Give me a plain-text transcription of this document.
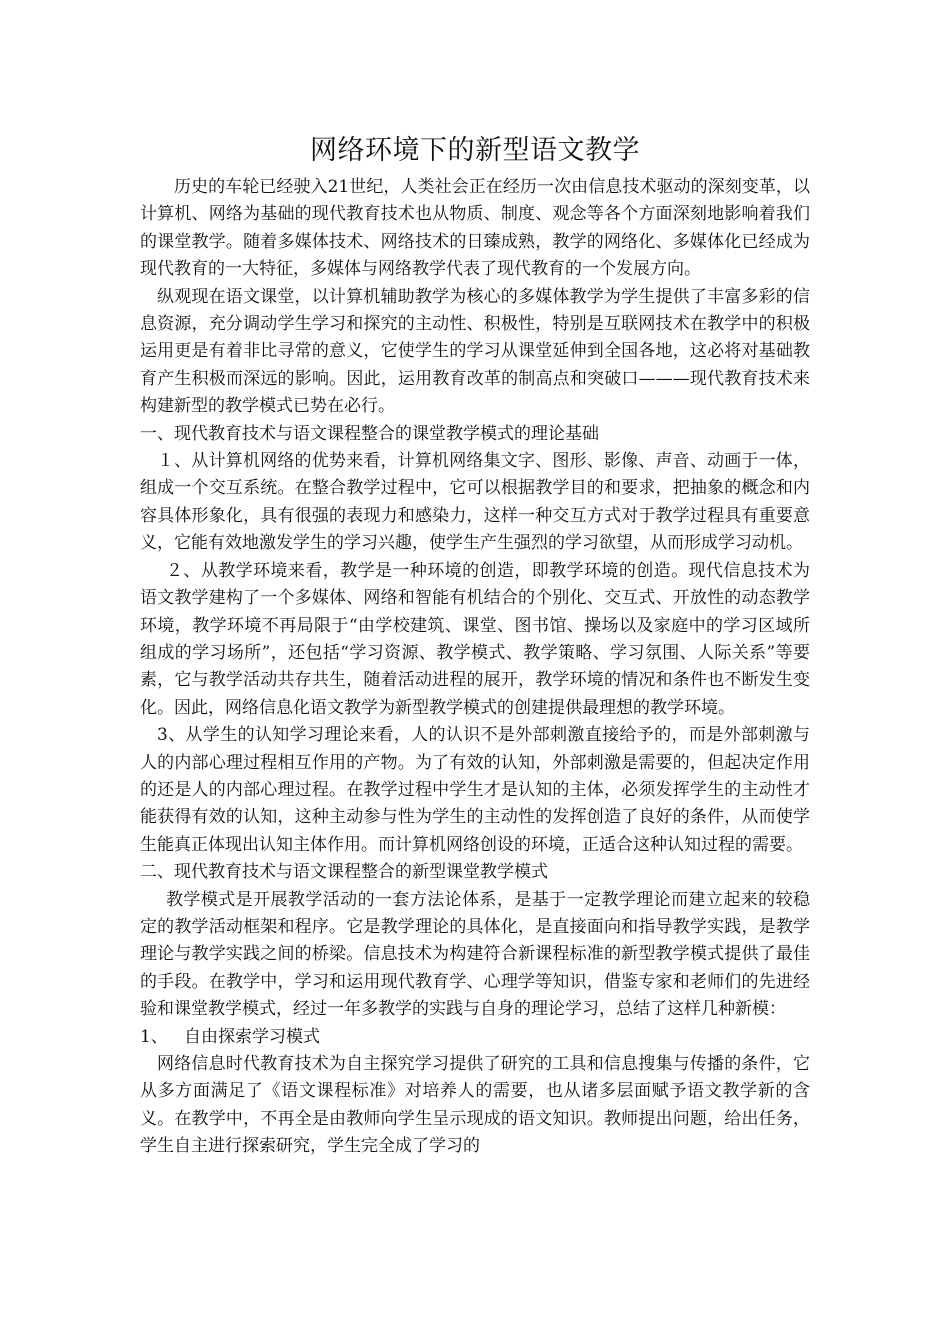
网络环境下的新型语文教学

历史的车轮已经驶入21世纪，人类社会正在经历一次由信息技术驱动的深刻变革，以计算机、网络为基础的现代教育技术也从物质、制度、观念等各个方面深刻地影响着我们的课堂教学。随着多媒体技术、网络技术的日臻成熟，教学的网络化、多媒体化已经成为现代教育的一大特征，多媒体与网络教学代表了现代教育的一个发展方向。

纵观现在语文课堂，以计算机辅助教学为核心的多媒体教学为学生提供了丰富多彩的信息资源，充分调动学生学习和探究的主动性、积极性，特别是互联网技术在教学中的积极运用更是有着非比寻常的意义，它使学生的学习从课堂延伸到全国各地，这必将对基础教育产生积极而深远的影响。因此，运用教育改革的制高点和突破口———现代教育技术来构建新型的教学模式已势在必行。

一、现代教育技术与语文课程整合的课堂教学模式的理论基础

１、从计算机网络的优势来看，计算机网络集文字、图形、影像、声音、动画于一体，组成一个交互系统。在整合教学过程中，它可以根据教学目的和要求，把抽象的概念和内容具体形象化，具有很强的表现力和感染力，这样一种交互方式对于教学过程具有重要意义，它能有效地激发学生的学习兴趣，使学生产生强烈的学习欲望，从而形成学习动机。

２、从教学环境来看，教学是一种环境的创造，即教学环境的创造。现代信息技术为语文教学建构了一个多媒体、网络和智能有机结合的个别化、交互式、开放性的动态教学环境，教学环境不再局限于“由学校建筑、课堂、图书馆、操场以及家庭中的学习区域所组成的学习场所”，还包括“学习资源、教学模式、教学策略、学习氛围、人际关系”等要素，它与教学活动共存共生，随着活动进程的展开，教学环境的情况和条件也不断发生变化。因此，网络信息化语文教学为新型教学模式的创建提供最理想的教学环境。

3、从学生的认知学习理论来看，人的认识不是外部刺激直接给予的，而是外部刺激与人的内部心理过程相互作用的产物。为了有效的认知，外部刺激是需要的，但起决定作用的还是人的内部心理过程。在教学过程中学生才是认知的主体，必须发挥学生的主动性才能获得有效的认知，这种主动参与性为学生的主动性的发挥创造了良好的条件，从而使学生能真正体现出认知主体作用。而计算机网络创设的环境，正适合这种认知过程的需要。

二、现代教育技术与语文课程整合的新型课堂教学模式

教学模式是开展教学活动的一套方法论体系，是基于一定教学理论而建立起来的较稳定的教学活动框架和程序。它是教学理论的具体化，是直接面向和指导教学实践，是教学理论与教学实践之间的桥梁。信息技术为构建符合新课程标准的新型教学模式提供了最佳的手段。在教学中，学习和运用现代教育学、心理学等知识，借鉴专家和老师们的先进经验和课堂教学模式，经过一年多教学的实践与自身的理论学习，总结了这样几种新模：

1、 自由探索学习模式

网络信息时代教育技术为自主探究学习提供了研究的工具和信息搜集与传播的条件，它从多方面满足了《语文课程标准》对培养人的需要，也从诸多层面赋予语文教学新的含义。在教学中，不再全是由教师向学生呈示现成的语文知识。教师提出问题，给出任务，学生自主进行探索研究，学生完全成了学习的
